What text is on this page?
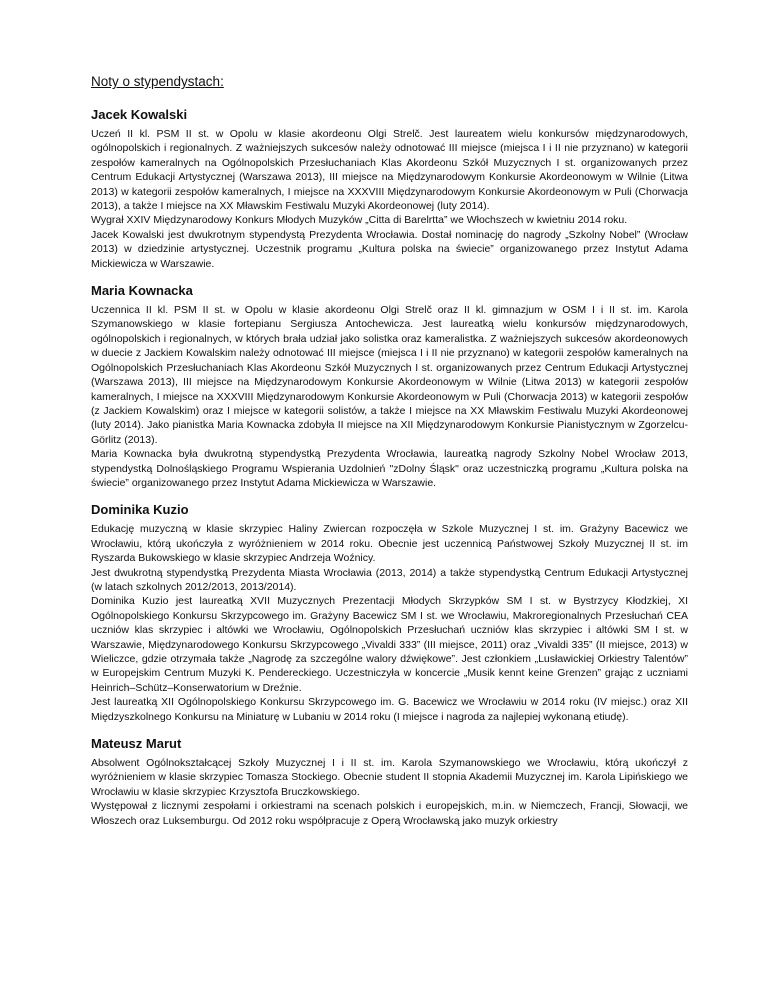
Noty o stypendystach:
Jacek Kowalski

Uczeń II kl. PSM II st. w Opolu w klasie akordeonu Olgi Strelč. Jest laureatem wielu konkursów międzynarodowych, ogólnopolskich i regionalnych. Z ważniejszych sukcesów należy odnotować III miejsce (miejsca I i II nie przyznano) w kategorii zespołów kameralnych na Ogólnopolskich Przesłuchaniach Klas Akordeonu Szkół Muzycznych I st. organizowanych przez Centrum Edukacji Artystycznej (Warszawa 2013), III miejsce na Międzynarodowym Konkursie Akordeonowym w Wilnie (Litwa 2013) w kategorii zespołów kameralnych, I miejsce na XXXVIII Międzynarodowym Konkursie Akordeonowym w Puli (Chorwacja 2013), a także I miejsce na XX Mławskim Festiwalu Muzyki Akordeonowej (luty 2014).

Wygrał XXIV Międzynarodowy Konkurs Młodych Muzyków „Citta di Barelrtta” we Włochszech w kwietniu 2014 roku.

Jacek Kowalski jest dwukrotnym stypendystą Prezydenta Wrocławia. Dostał nominację do nagrody „Szkolny Nobel” (Wrocław 2013) w dziedzinie artystycznej. Uczestnik programu „Kultura polska na świecie” organizowanego przez Instytut Adama Mickiewicza w Warszawie.

Maria Kownacka

Uczennica II kl. PSM II st. w Opolu w klasie akordeonu Olgi Strelč oraz II kl. gimnazjum w OSM I i II st. im. Karola Szymanowskiego w klasie fortepianu Sergiusza Antochewicza. Jest laureatką wielu konkursów międzynarodowych, ogólnopolskich i regionalnych, w których brała udział jako solistka oraz kameralistka. Z ważniejszych sukcesów akordeonowych w duecie z Jackiem Kowalskim należy odnotować III miejsce (miejsca I i II nie przyznano) w kategorii zespołów kameralnych na Ogólnopolskich Przesłuchaniach Klas Akordeonu Szkół Muzycznych I st. organizowanych przez Centrum Edukacji Artystycznej (Warszawa 2013), III miejsce na Międzynarodowym Konkursie Akordeonowym w Wilnie (Litwa 2013) w kategorii zespołów kameralnych, I miejsce na XXXVIII Międzynarodowym Konkursie Akordeonowym w Puli (Chorwacja 2013) w kategorii zespołów (z Jackiem Kowalskim) oraz I miejsce w kategorii solistów, a także I miejsce na XX Mławskim Festiwalu Muzyki Akordeonowej (luty 2014). Jako pianistka Maria Kownacka zdobyła II miejsce na XII Międzynarodowym Konkursie Pianistycznym w Zgorzelcu-Görlitz (2013).

Maria Kownacka była dwukrotną stypendystką Prezydenta Wrocławia, laureatką nagrody Szkolny Nobel Wrocław 2013, stypendystką Dolnośląskiego Programu Wspierania Uzdolnień "zDolny Śląsk" oraz uczestniczką programu „Kultura polska na świecie” organizowanego przez Instytut Adama Mickiewicza w Warszawie.

Dominika Kuzio

Edukację muzyczną w klasie skrzypiec Haliny Zwiercan rozpoczęła w Szkole Muzycznej I st. im. Grażyny Bacewicz we Wrocławiu, którą ukończyła z wyróżnieniem w 2014 roku. Obecnie jest uczennicą Państwowej Szkoły Muzycznej II st. im Ryszarda Bukowskiego w klasie skrzypiec Andrzeja Woźnicy.

Jest dwukrotną stypendystką Prezydenta Miasta Wrocławia (2013, 2014) a także stypendystką Centrum Edukacji Artystycznej (w latach szkolnych 2012/2013, 2013/2014).

Dominika Kuzio jest laureatką XVII Muzycznych Prezentacji Młodych Skrzypków SM I st. w Bystrzycy Kłodzkiej, XI Ogólnopolskiego Konkursu Skrzypcowego im. Grażyny Bacewicz SM I st. we Wrocławiu, Makroregionalnych Przesłuchań CEA uczniów klas skrzypiec i altówki we Wrocławiu, Ogólnopolskich Przesłuchań uczniów klas skrzypiec i altówki SM I st. w Warszawie, Międzynarodowego Konkursu Skrzypcowego „Vivaldi 333” (III miejsce, 2011) oraz „Vivaldi 335” (II miejsce, 2013) w Wieliczce, gdzie otrzymała także „Nagrodę za szczególne walory dźwiękowe”. Jest członkiem „Lusławickiej Orkiestry Talentów” w Europejskim Centrum Muzyki K. Pendereckiego. Uczestniczyła w koncercie „Musik kennt keine Grenzen” grając z uczniami Heinrich–Schütz–Konserwatorium w Dreźnie.

Jest laureatką XII Ogólnopolskiego Konkursu Skrzypcowego im. G. Bacewicz we Wrocławiu w 2014 roku (IV miejsc.) oraz XII Międzyszkolnego Konkursu na Miniaturę w Lubaniu w 2014 roku (I miejsce i nagroda za najlepiej wykonaną etiudę).

Mateusz Marut

Absolwent Ogólnokształcącej Szkoły Muzycznej I i II st. im. Karola Szymanowskiego we Wrocławiu, którą ukończył z wyróżnieniem w klasie skrzypiec Tomasza Stockiego. Obecnie student II stopnia Akademii Muzycznej im. Karola Lipińskiego we Wrocławiu w klasie skrzypiec Krzysztofa Bruczkowskiego.

Występował z licznymi zespołami i orkiestrami na scenach polskich i europejskich, m.in. w Niemczech, Francji, Słowacji, we Włoszech oraz Luksemburgu. Od 2012 roku współpracuje z Operą Wrocławską jako muzyk orkiestry
